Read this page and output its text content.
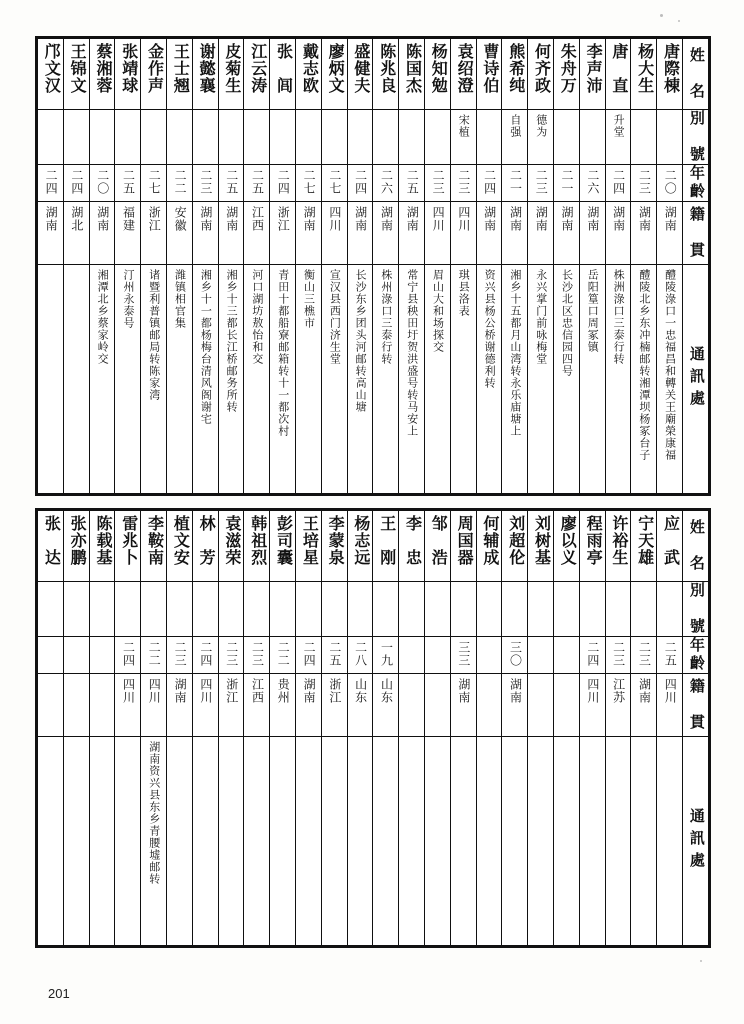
邝文汉	王锦文	蔡湘蓉	张靖球	金作声	王士翘	谢懿襄	皮菊生	江云涛	张　闾	戴志欧	廖炳文	盛健夫	陈兆良	陈国杰	杨知勉	袁绍澄	曹诗伯	熊希纯	何齐政	朱舟万	李声沛	唐　直	杨大生	唐際棟	姓　名

																宋植		自强	德为			升堂			別　號

二四	二四	二〇	二五	二七	二二	二三	二五	二五	二四	二七	二七	二四	二六	二五	二三	二三	二四	二一	二三	二一	二六	二四	二三	二〇	年齡

湖南	湖北	湖南	福建	浙江	安徽	湖南	湖南	江西	浙江	湖南	四川	湖南	湖南	湖南	四川	四川	湖南	湖南	湖南	湖南	湖南	湖南	湖南	湖南	籍　貫

		湘潭北乡蔡家岭交	汀州永泰号	诸暨利普镇邮局转陈家湾	潍镇相官集	湘乡十一都杨梅台清风阁谢宅	湘乡十三都长江桥邮务所转	河口湖坊敖怡和交	青田十都船寮邮箱转十一都次村	衡山三樵市	宣汉县西门济生堂	长沙东乡团头河邮转高山塘	株州淥口三泰行转	常宁县秧田圩贺洪盛号转马安上	眉山大和场探交	琪县洛表	资兴县杨公桥谢德利转	湘乡十五都月山湾转永乐庙塘上	永兴掌门前咏梅堂	长沙北区忠信园四号	岳阳篁口周冢镇	株洲淥口三泰行转	醴陵北乡东冲楠邮转湘潭坝杨冢台子	醴陵淥口一忠福昌和轉关王廟榮康福	通訊處
张　达	张亦鹏	陈载基	雷兆卜	李鞍南	植文安	林　芳	袁滋荣	韩祖烈	彭司囊	王培星	李蒙泉	杨志远	王　刚	李　忠	邹　浩	周国器	何辅成	刘超伦	刘树基	廖以义	程雨亭	许裕生	宁天雄	应　武	姓　名

																									別　號

			二四	二二	二三	二四	二三	二三	二二	二四	二五	二八	一九			三三		三〇			二四	二三	二三	二五	年齡

			四川	四川	湖南	四川	浙江	江西	贵州	湖南	浙江	山东	山东			湖南		湖南			四川	江苏	湖南	四川	籍　貫

				湖南资兴县东乡青腰墟邮转																					通訊處
201
